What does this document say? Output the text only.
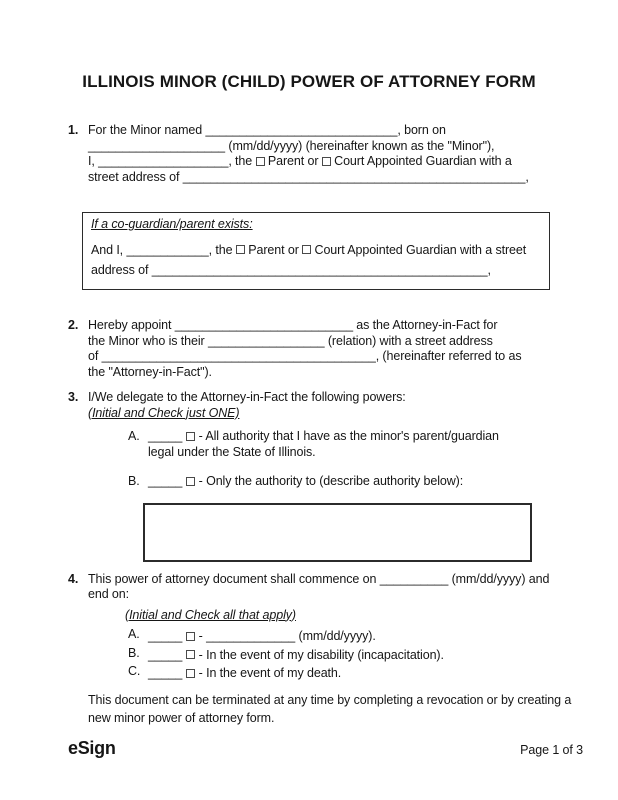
ILLINOIS MINOR (CHILD) POWER OF ATTORNEY FORM
1. For the Minor named ____________________________, born on
____________________ (mm/dd/yyyy) (hereinafter known as the "Minor"),
I, ___________________, the  Parent or  Court Appointed Guardian with a
street address of __________________________________________________,
If a co-guardian/parent exists:
And I, ____________, the  Parent or  Court Appointed Guardian with a street
address of _________________________________________________,
2. Hereby appoint __________________________ as the Attorney-in-Fact for
the Minor who is their _________________ (relation) with a street address
of ________________________________________, (hereinafter referred to as
the "Attorney-in-Fact").
3. I/We delegate to the Attorney-in-Fact the following powers:
(Initial and Check just ONE)
A. _____ - All authority that I have as the minor's parent/guardian
legal under the State of Illinois.
B. _____ - Only the authority to (describe authority below):
4. This power of attorney document shall commence on __________ (mm/dd/yyyy) and
end on:
(Initial and Check all that apply)
A. _____ - _____________ (mm/dd/yyyy).
B. _____ - In the event of my disability (incapacitation).
C. _____ - In the event of my death.
This document can be terminated at any time by completing a revocation or by creating a
new minor power of attorney form.
eSign	Page 1 of 3
